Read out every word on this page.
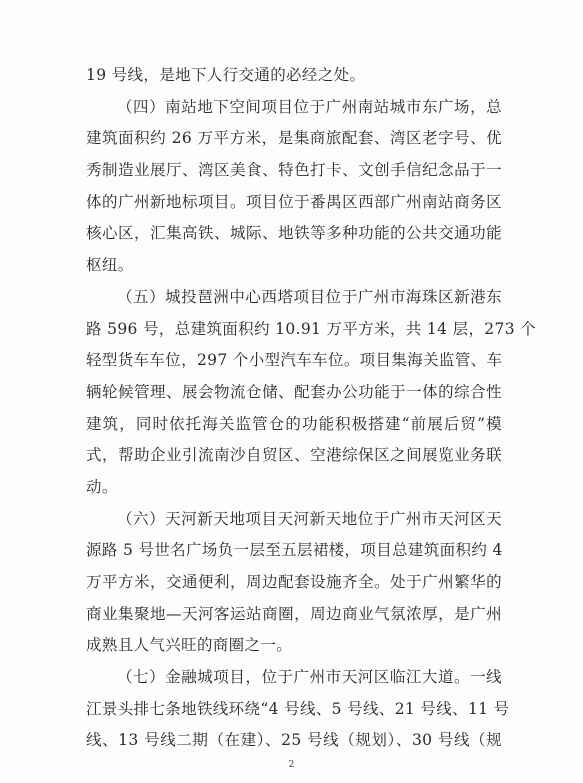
19 号线，是地下人行交通的必经之处。
（四）南站地下空间项目位于广州南站城市东广场，总
建筑面积约 26 万平方米，是集商旅配套、湾区老字号、优
秀制造业展厅、湾区美食、特色打卡、文创手信纪念品于一
体的广州新地标项目。项目位于番禺区西部广州南站商务区
核心区，汇集高铁、城际、地铁等多种功能的公共交通功能
枢纽。
（五）城投琶洲中心西塔项目位于广州市海珠区新港东
路 596 号，总建筑面积约 10.91 万平方米，共 14 层，273 个
轻型货车车位，297 个小型汽车车位。项目集海关监管、车
辆轮候管理、展会物流仓储、配套办公功能于一体的综合性
建筑，同时依托海关监管仓的功能积极搭建“前展后贸”模
式，帮助企业引流南沙自贸区、空港综保区之间展览业务联
动。
（六）天河新天地项目天河新天地位于广州市天河区天
源路 5 号世名广场负一层至五层裙楼，项目总建筑面积约 4
万平方米，交通便利，周边配套设施齐全。处于广州繁华的
商业集聚地—天河客运站商圈，周边商业气氛浓厚，是广州
成熟且人气兴旺的商圈之一。
（七）金融城项目，位于广州市天河区临江大道。一线
江景头排七条地铁线环绕“4 号线、5 号线、21 号线、11 号
线、13 号线二期（在建）、25 号线（规划）、30 号线（规
2
